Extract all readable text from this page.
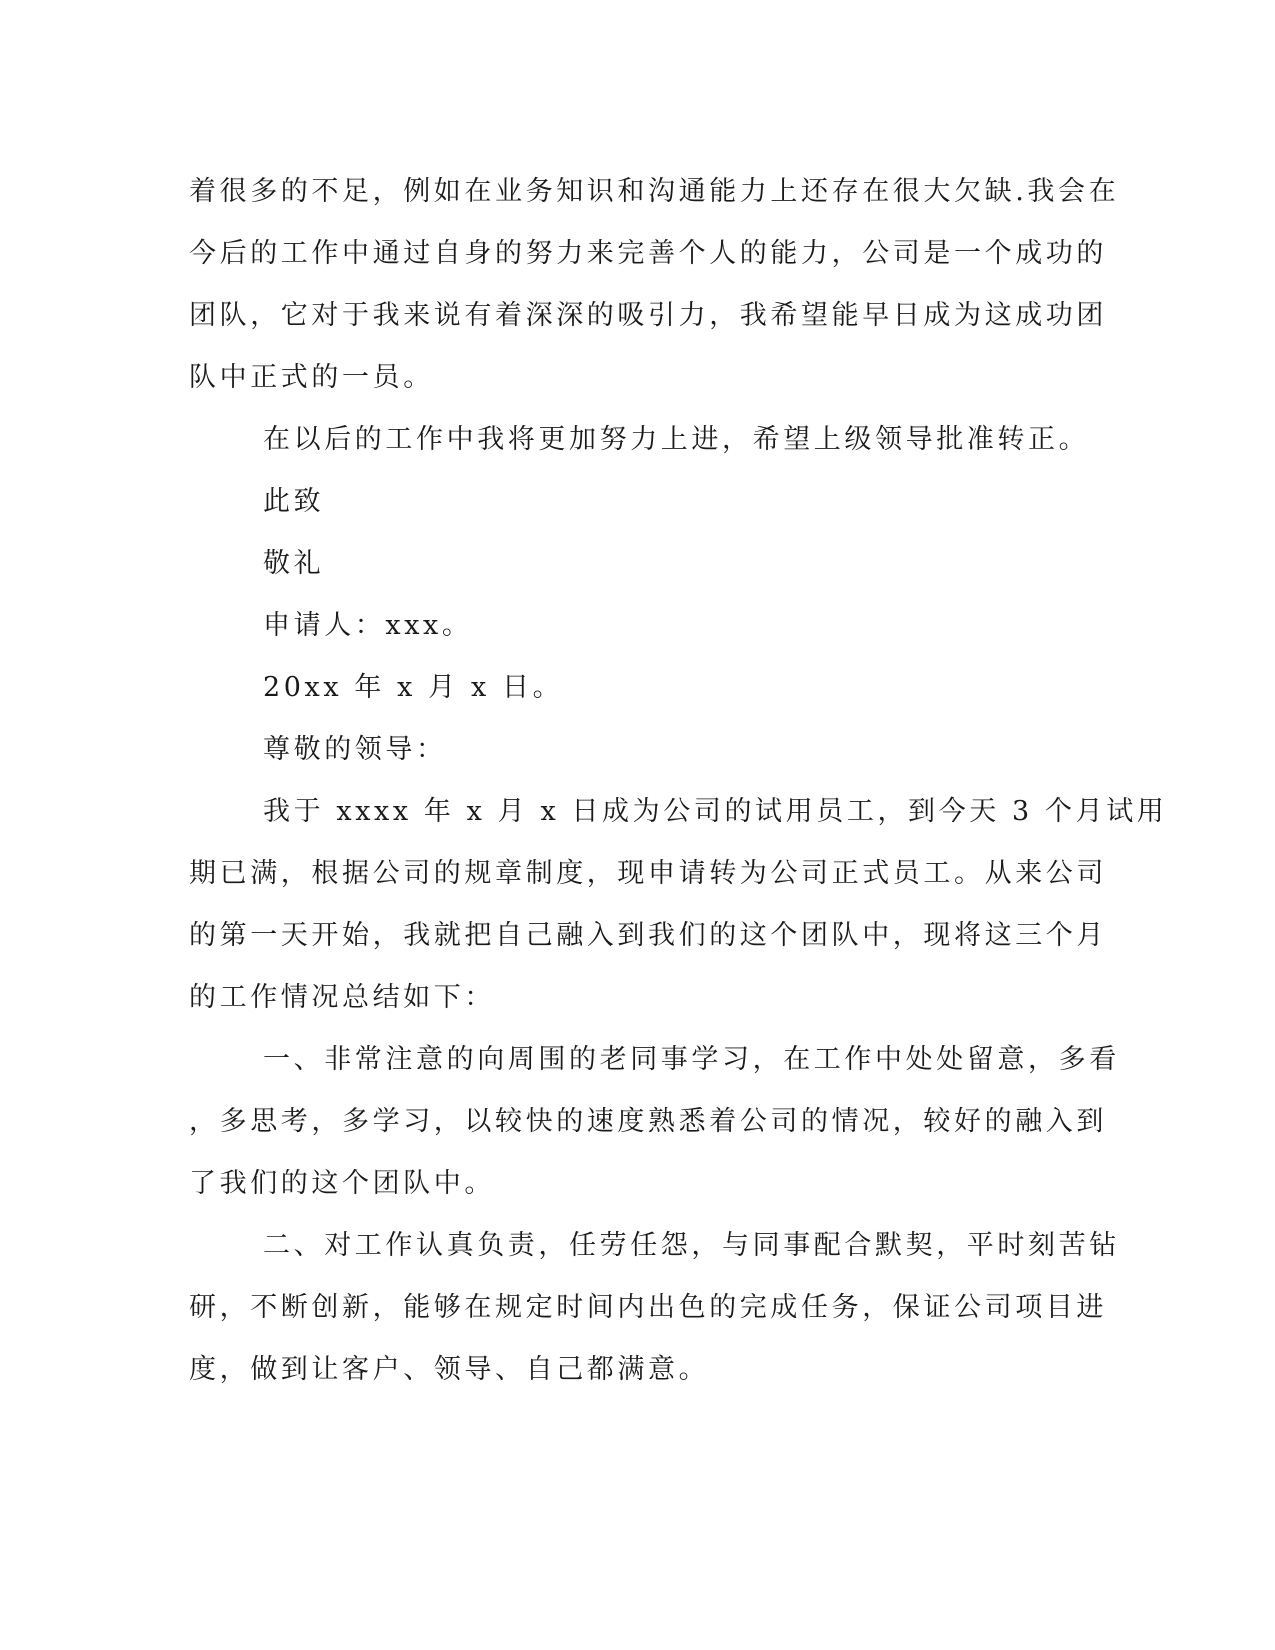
着很多的不足，例如在业务知识和沟通能力上还存在很大欠缺.我会在
今后的工作中通过自身的努力来完善个人的能力，公司是一个成功的
团队，它对于我来说有着深深的吸引力，我希望能早日成为这成功团
队中正式的一员。
在以后的工作中我将更加努力上进，希望上级领导批准转正。
此致
敬礼
申请人：xxx。
20xx 年 x 月 x 日。
尊敬的领导：
我于 xxxx 年 x 月 x 日成为公司的试用员工，到今天 3 个月试用
期已满，根据公司的规章制度，现申请转为公司正式员工。从来公司
的第一天开始，我就把自己融入到我们的这个团队中，现将这三个月
的工作情况总结如下：
一、非常注意的向周围的老同事学习，在工作中处处留意，多看
，多思考，多学习，以较快的速度熟悉着公司的情况，较好的融入到
了我们的这个团队中。
二、对工作认真负责，任劳任怨，与同事配合默契，平时刻苦钻
研，不断创新，能够在规定时间内出色的完成任务，保证公司项目进
度，做到让客户、领导、自己都满意。
